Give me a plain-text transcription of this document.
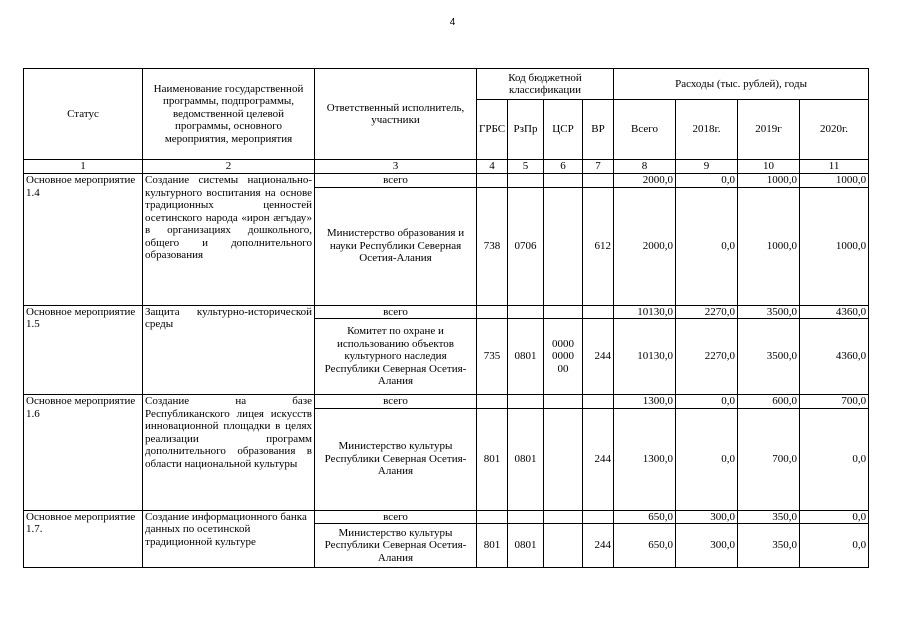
4
Статус	Наименование государственной программы, подпрограммы, ведомственной целевой программы, основного мероприятия, мероприятия	Ответственный исполнитель, участники	Код бюджетной классификации				Расходы (тыс. рублей), годы			
			ГРБС	РзПр	ЦСР	ВР	Всего	2018г.	2019г	2020г.
1	2	3	4	5	6	7	8	9	10	11
Основное мероприятие 1.4	Создание системы национально-культурного воспитания на основе традиционных ценностей осетинского народа «ирон æгъдау» в организациях дошкольного, общего и дополнительного образования	всего					2000,0	0,0	1000,0	1000,0
		Министерство образования и науки Республики Северная Осетия-Алания	738	0706		612	2000,0	0,0	1000,0	1000,0
Основное мероприятие 1.5	Защита культурно-исторической среды	всего					10130,0	2270,0	3500,0	4360,0
		Комитет по охране и использованию объектов культурного наследия Республики Северная Осетия-Алания	735	0801	0000 0000 00	244	10130,0	2270,0	3500,0	4360,0
Основное мероприятие 1.6	Создание на базе Республиканского лицея искусств инновационной площадки в целях реализации программ дополнительного образования в области национальной культуры	всего					1300,0	0,0	600,0	700,0
		Министерство культуры Республики Северная Осетия-Алания	801	0801		244	1300,0	0,0	700,0	0,0
Основное мероприятие 1.7.	Создание информационного банка данных по осетинской традиционной культуре	всего					650,0	300,0	350,0	0,0
		Министерство культуры Республики Северная Осетия-Алания	801	0801		244	650,0	300,0	350,0	0,0
